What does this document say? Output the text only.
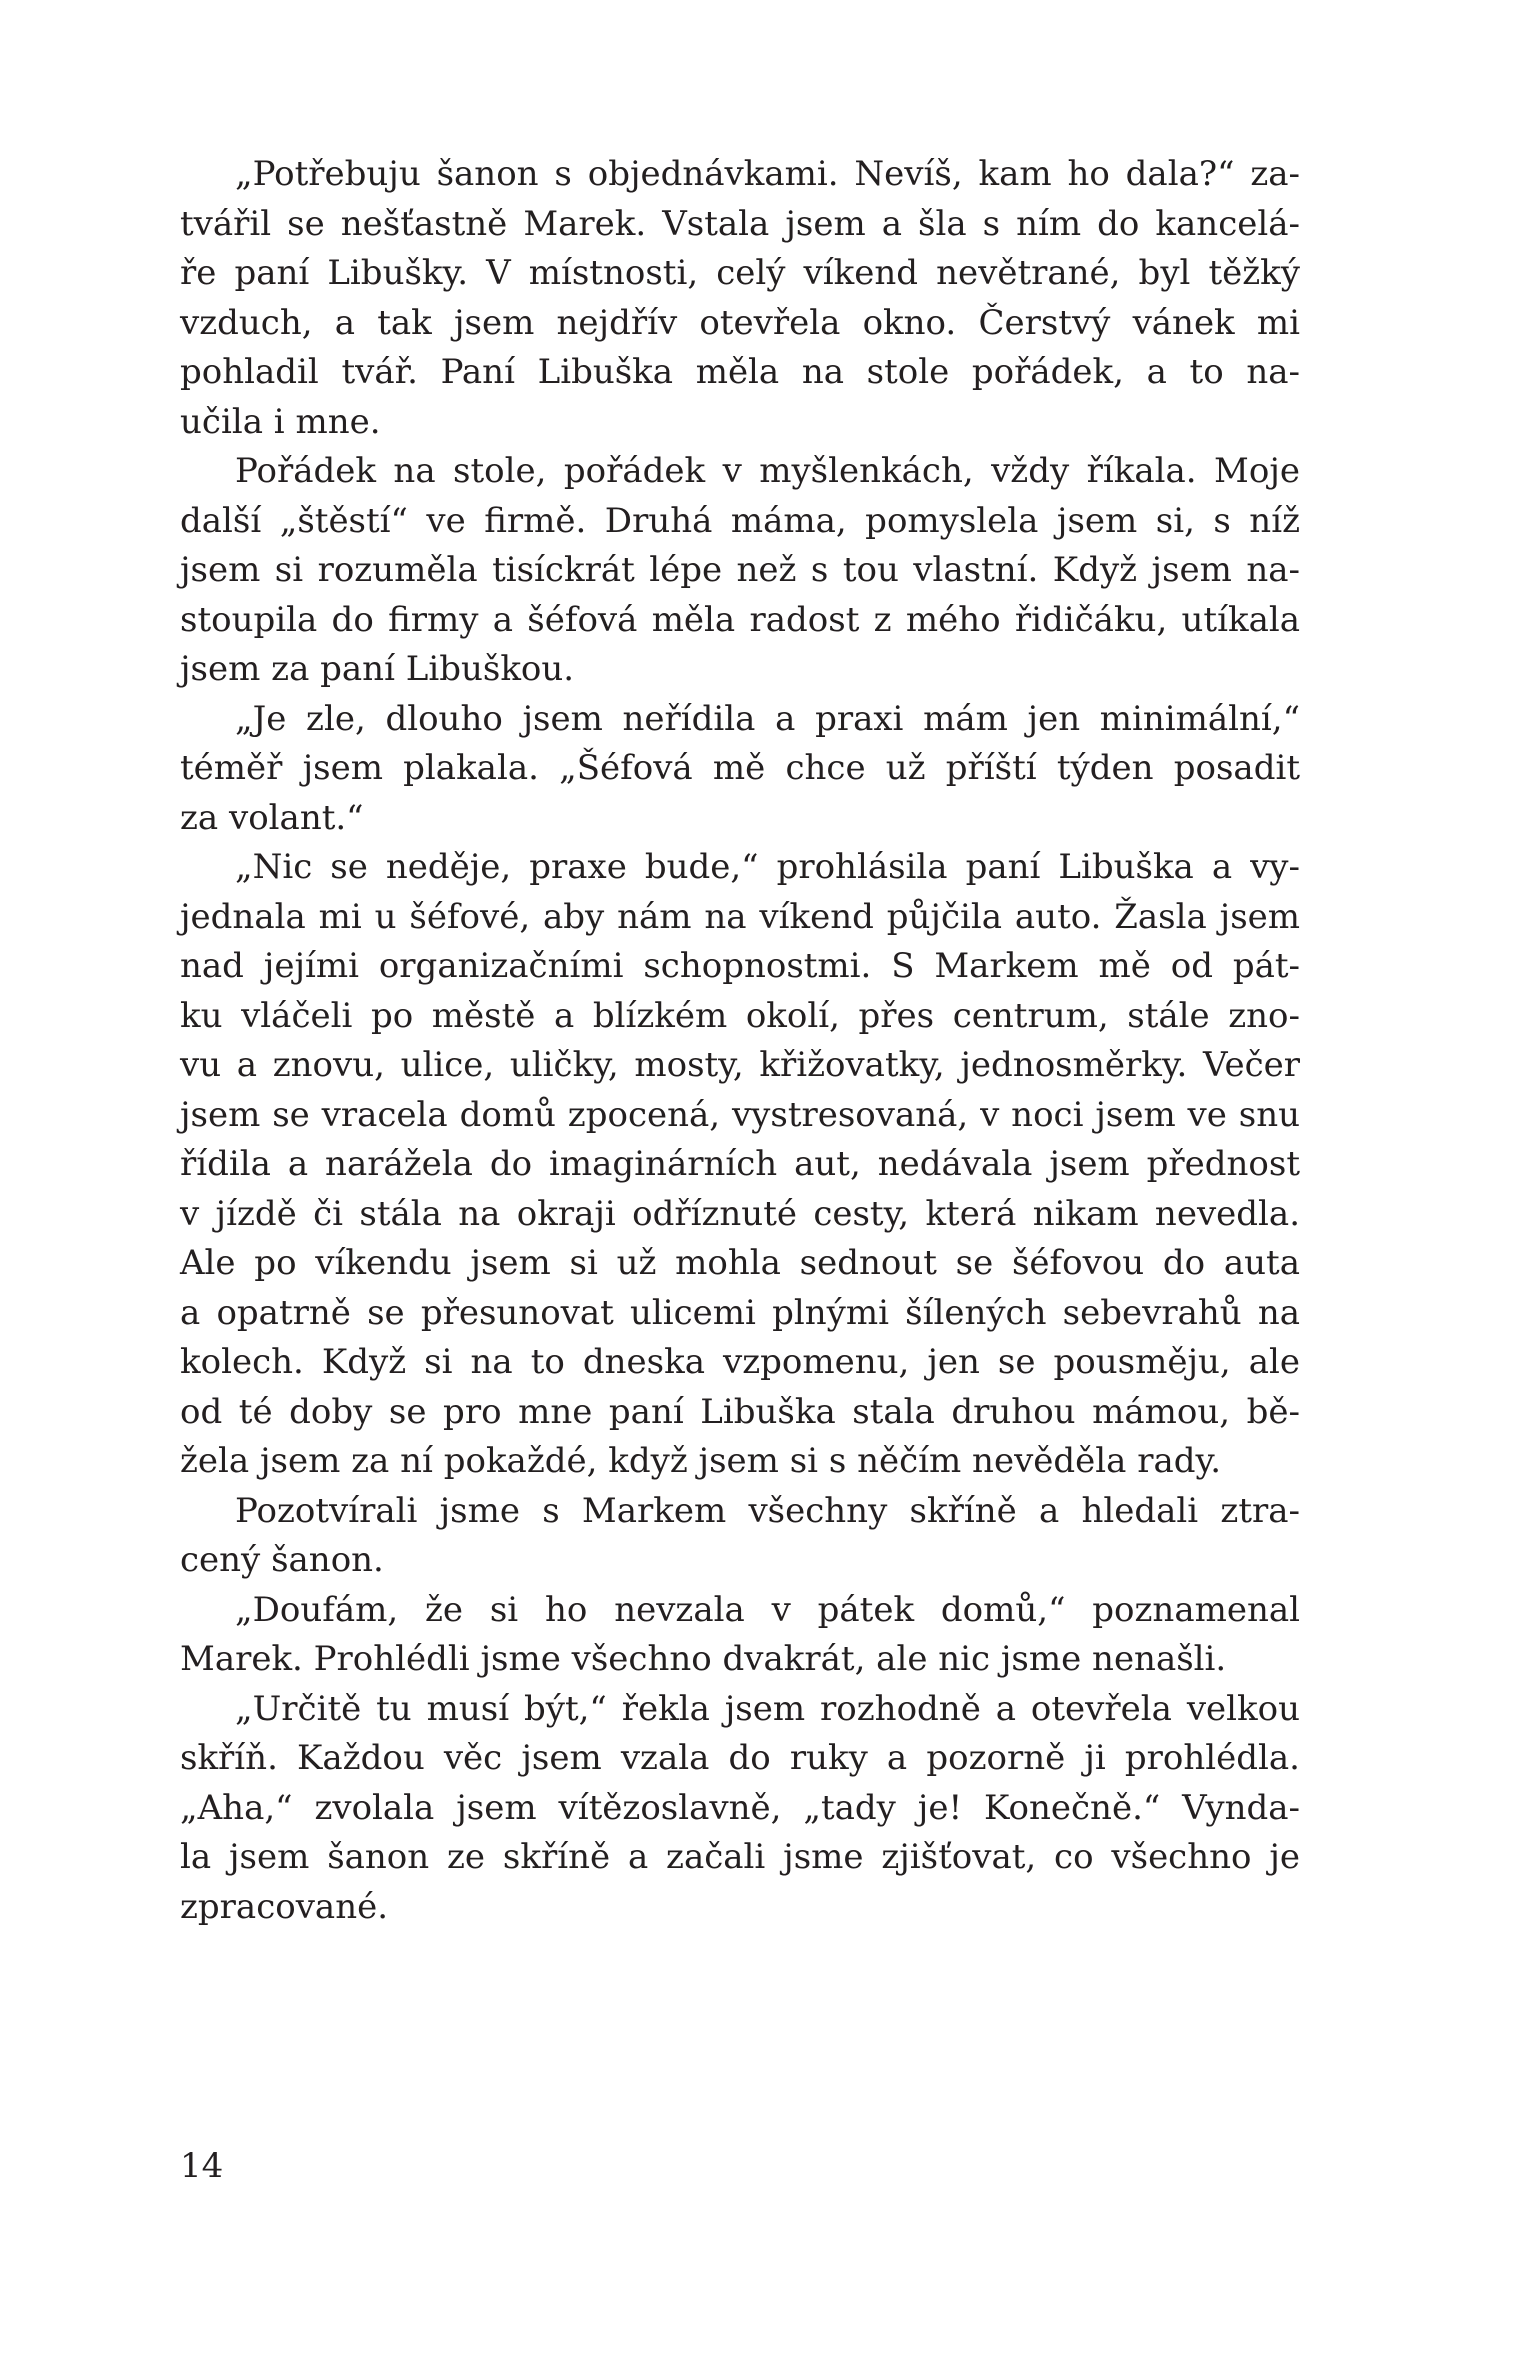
„Potřebuju šanon s objednávkami. Nevíš, kam ho dala?“ za-
tvářil se nešťastně Marek. Vstala jsem a šla s ním do kancelá-
ře paní Libušky. V místnosti, celý víkend nevětrané, byl těžký
vzduch, a tak jsem nejdřív otevřela okno. Čerstvý vánek mi
pohladil tvář. Paní Libuška měla na stole pořádek, a to na-
učila i mne.
Pořádek na stole, pořádek v myšlenkách, vždy říkala. Moje
další „štěstí“ ve firmě. Druhá máma, pomyslela jsem si, s níž
jsem si rozuměla tisíckrát lépe než s tou vlastní. Když jsem na-
stoupila do firmy a šéfová měla radost z mého řidičáku, utíkala
jsem za paní Libuškou.
„Je zle, dlouho jsem neřídila a praxi mám jen minimální,“
téměř jsem plakala. „Šéfová mě chce už příští týden posadit
za volant.“
„Nic se neděje, praxe bude,“ prohlásila paní Libuška a vy-
jednala mi u šéfové, aby nám na víkend půjčila auto. Žasla jsem
nad jejími organizačními schopnostmi. S Markem mě od pát-
ku vláčeli po městě a blízkém okolí, přes centrum, stále zno-
vu a znovu, ulice, uličky, mosty, křižovatky, jednosměrky. Večer
jsem se vracela domů zpocená, vystresovaná, v noci jsem ve snu
řídila a narážela do imaginárních aut, nedávala jsem přednost
v jízdě či stála na okraji odříznuté cesty, která nikam nevedla.
Ale po víkendu jsem si už mohla sednout se šéfovou do auta
a opatrně se přesunovat ulicemi plnými šílených sebevrahů na
kolech. Když si na to dneska vzpomenu, jen se pousměju, ale
od té doby se pro mne paní Libuška stala druhou mámou, bě-
žela jsem za ní pokaždé, když jsem si s něčím nevěděla rady.
Pozotvírali jsme s Markem všechny skříně a hledali ztra-
cený šanon.
„Doufám, že si ho nevzala v pátek domů,“ poznamenal
Marek. Prohlédli jsme všechno dvakrát, ale nic jsme nenašli.
„Určitě tu musí být,“ řekla jsem rozhodně a otevřela velkou
skříň. Každou věc jsem vzala do ruky a pozorně ji prohlédla.
„Aha,“ zvolala jsem vítězoslavně, „tady je! Konečně.“ Vynda-
la jsem šanon ze skříně a začali jsme zjišťovat, co všechno je
zpracované.
14
